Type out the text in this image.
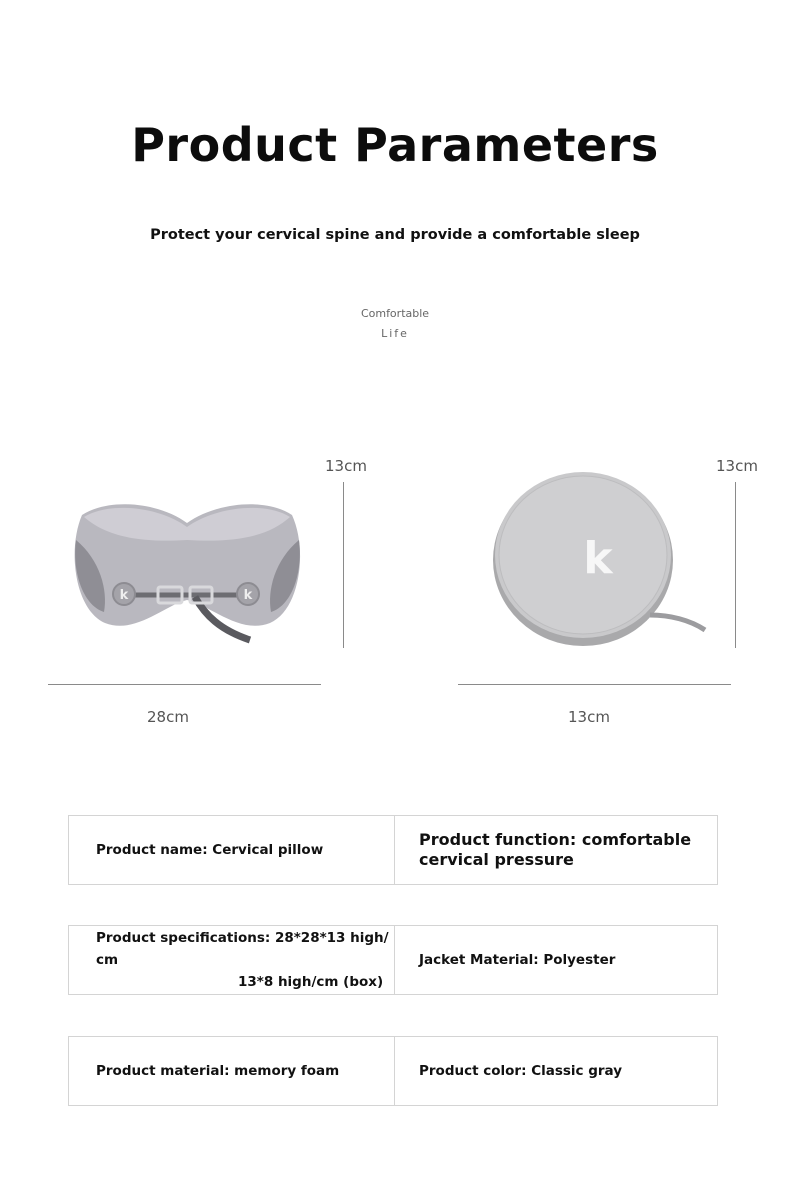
Product Parameters
Protect your cervical spine and provide a comfortable sleep
Comfortable
Life
k	k
13cm
28cm
k
13cm
13cm
Product name: Cervical pillow
Product function: comfortable cervical pressure
Product specifications: 28*28*13 high/ cm
13*8 high/cm (box)
Jacket Material: Polyester
Product material: memory foam	Product color: Classic gray
